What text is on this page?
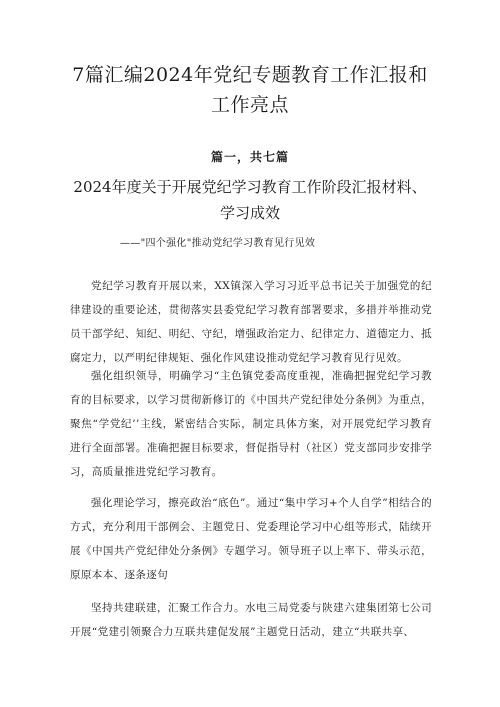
7篇汇编2024年党纪专题教育工作汇报和
工作亮点
篇一，共七篇
2024年度关于开展党纪学习教育工作阶段汇报材料、
学习成效
——"四个强化"推动党纪学习教育见行见效

党纪学习教育开展以来，XX镇深入学习习近平总书记关于加强党的纪律建设的重要论述，贯彻落实县委党纪学习教育部署要求，多措并举推动党员干部学纪、知纪、明纪、守纪，增强政治定力、纪律定力、道德定力、抵腐定力，以严明纪律规矩、强化作风建设推动党纪学习教育见行见效。

强化组织领导，明确学习“主色镇党委高度重视，准确把握党纪学习教育的目标要求，以学习贯彻新修订的《中国共产党纪律处分条例》为重点，聚焦“学党纪’’主线，紧密结合实际，制定具体方案，对开展党纪学习教育进行全面部署。准确把握目标要求，督促指导村（社区）党支部同步安排学习，高质量推进党纪学习教育。

强化理论学习，擦亮政治“底色”。通过“集中学习+个人自学”相结合的方式，充分利用干部例会、主题党日、党委理论学习中心组等形式，陆续开展《中国共产党纪律处分条例》专题学习。领导班子以上率下、带头示范，原原本本、逐条逐句

坚持共建联建，汇聚工作合力。水电三局党委与陕建六建集团第七公司开展“党建引领聚合力互联共建促发展”主题党日活动，建立“共联共享、
